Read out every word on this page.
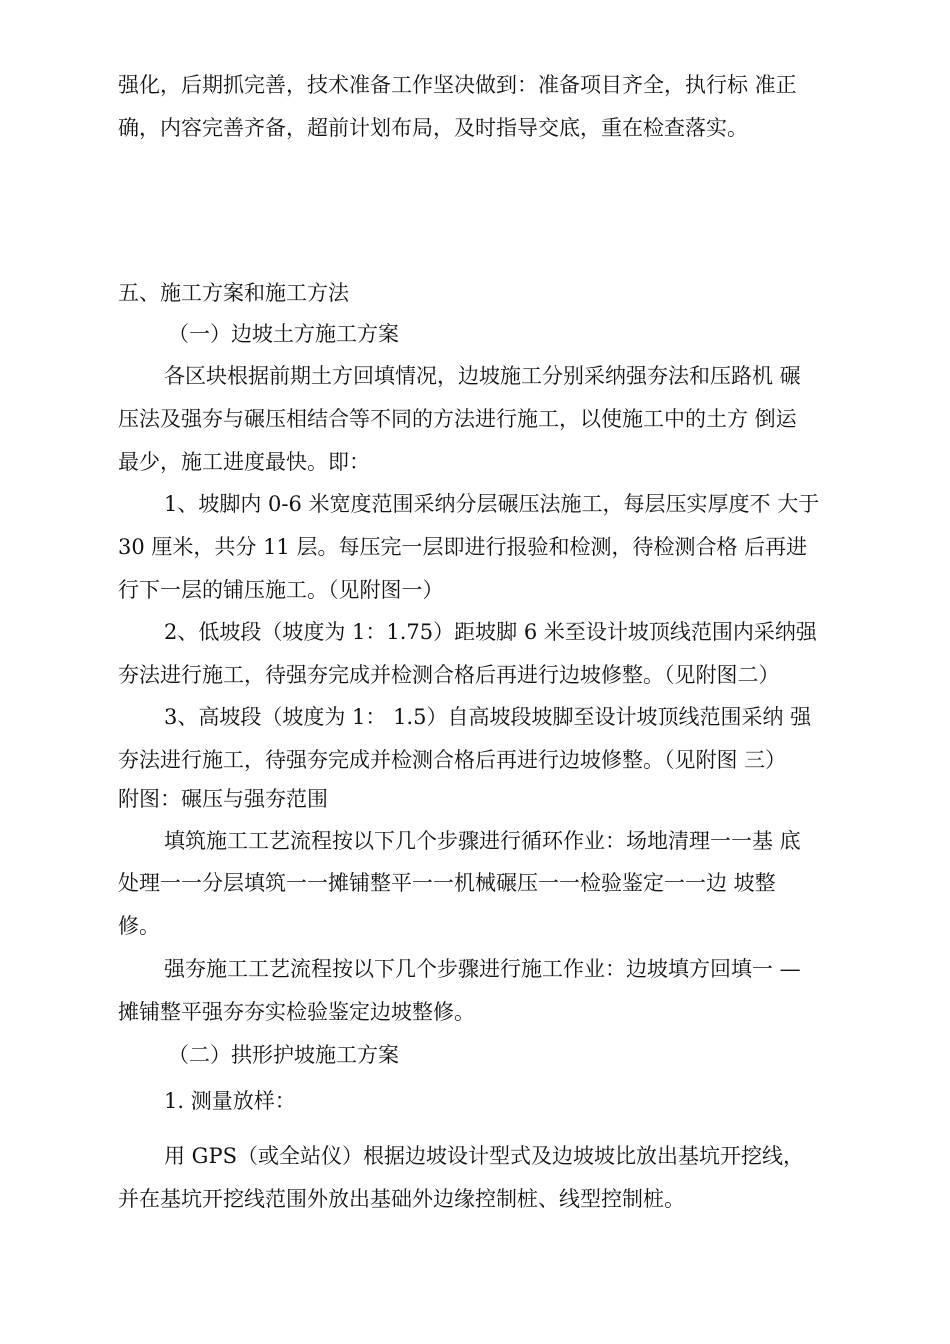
强化，后期抓完善，技术准备工作坚决做到：准备项目齐全，执行标 准正

确，内容完善齐备，超前计划布局，及时指导交底，重在检查落实。

五、施工方案和施工方法

（一）边坡土方施工方案

各区块根据前期土方回填情况，边坡施工分别采纳强夯法和压路机 碾

压法及强夯与碾压相结合等不同的方法进行施工，以使施工中的土方 倒运

最少，施工进度最快。即：

1、坡脚内 0-6 米宽度范围采纳分层碾压法施工，每层压实厚度不 大于

30 厘米，共分 11 层。每压完一层即进行报验和检测，待检测合格 后再进

行下一层的铺压施工。（见附图一）

2、低坡段（坡度为 1：1.75）距坡脚 6 米至设计坡顶线范围内采纳强

夯法进行施工，待强夯完成并检测合格后再进行边坡修整。（见附图二）

3、高坡段（坡度为 1： 1.5）自高坡段坡脚至设计坡顶线范围采纳 强

夯法进行施工，待强夯完成并检测合格后再进行边坡修整。（见附图 三）

附图：碾压与强夯范围

填筑施工工艺流程按以下几个步骤进行循环作业：场地清理一一基 底

处理一一分层填筑一一摊铺整平一一机械碾压一一检验鉴定一一边 坡整

修。

强夯施工工艺流程按以下几个步骤进行施工作业：边坡填方回填一 —

摊铺整平强夯夯实检验鉴定边坡整修。

（二）拱形护坡施工方案

1. 测量放样：

用 GPS（或全站仪）根据边坡设计型式及边坡坡比放出基坑开挖线，

并在基坑开挖线范围外放出基础外边缘控制桩、线型控制桩。
